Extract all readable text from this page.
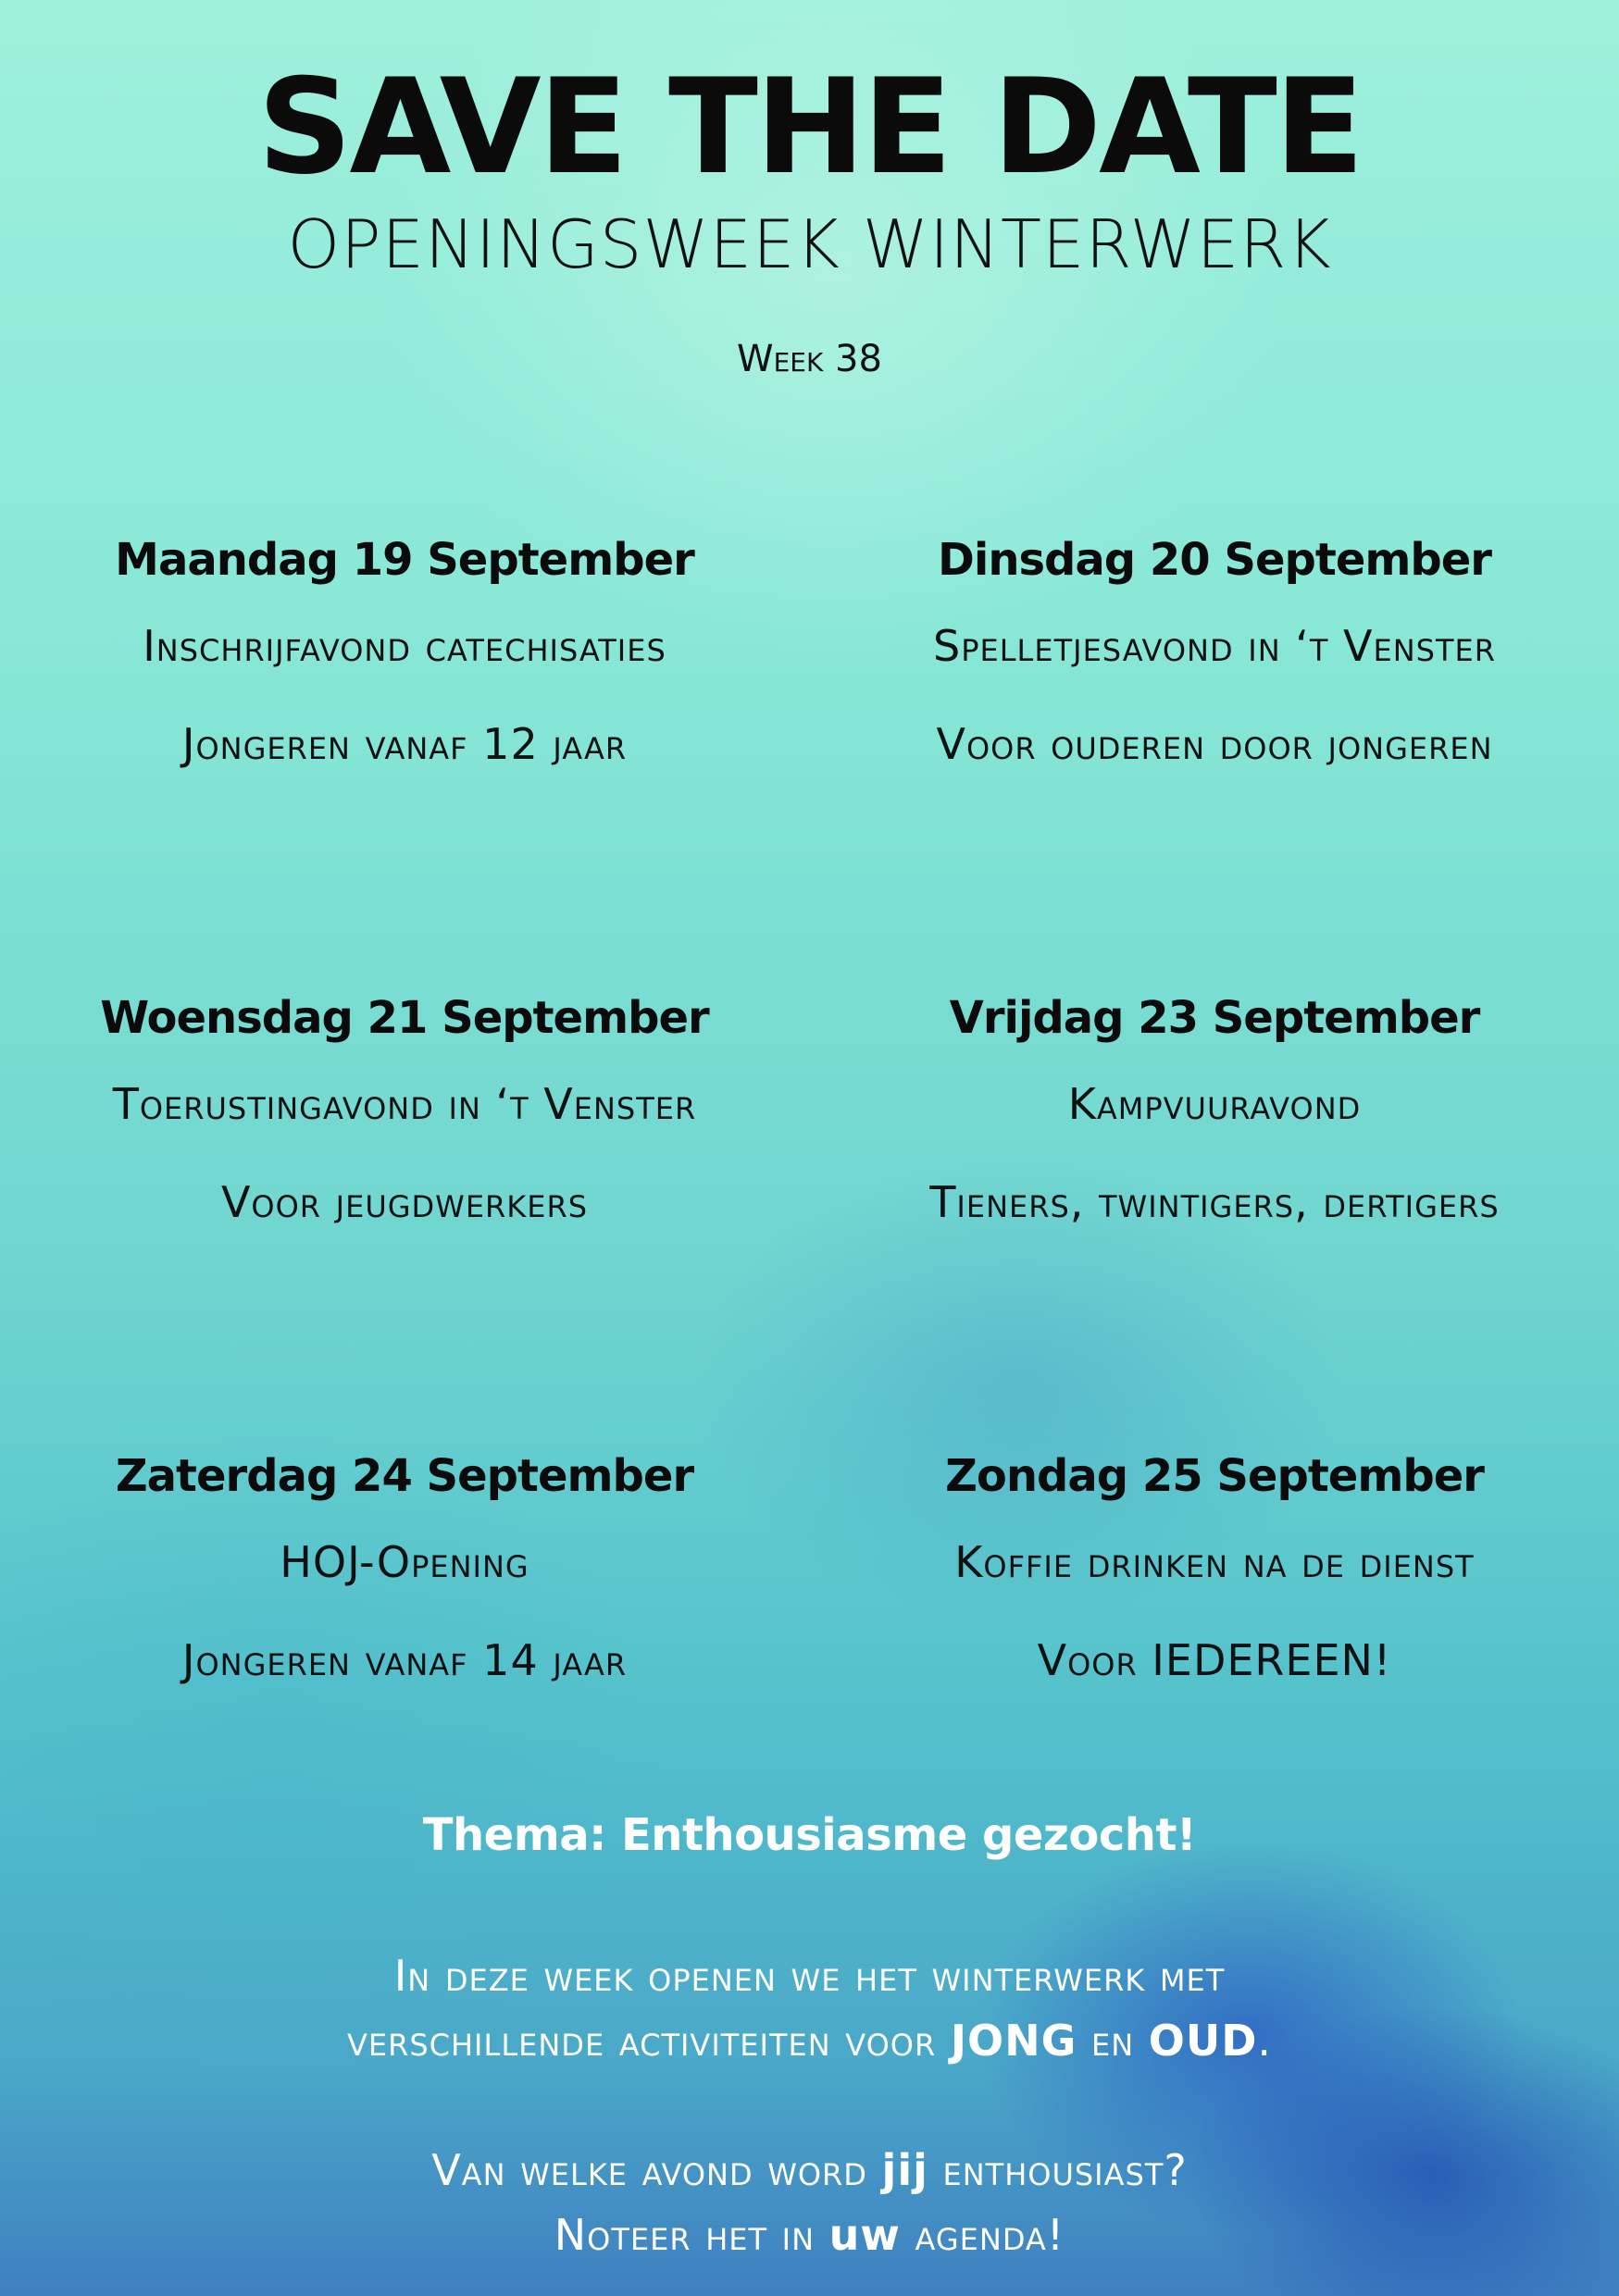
SAVE THE DATE
OPENINGSWEEK WINTERWERK
Week 38
Maandag 19 September
Inschrijfavond catechisaties
Jongeren vanaf 12 jaar
Dinsdag 20 September
Spelletjesavond in ‘t Venster
Voor ouderen door jongeren
Woensdag 21 September
Toerustingavond in ‘t Venster
Voor jeugdwerkers
Vrijdag 23 September
Kampvuuravond
Tieners, twintigers, dertigers
Zaterdag 24 September
HOJ-Opening
Jongeren vanaf 14 jaar
Zondag 25 September
Koffie drinken na de dienst
Voor IEDEREEN!
Thema: Enthousiasme gezocht!
In deze week openen we het winterwerk met
verschillende activiteiten voor JONG en OUD.
Van welke avond word jij enthousiast?
Noteer het in uw agenda!
